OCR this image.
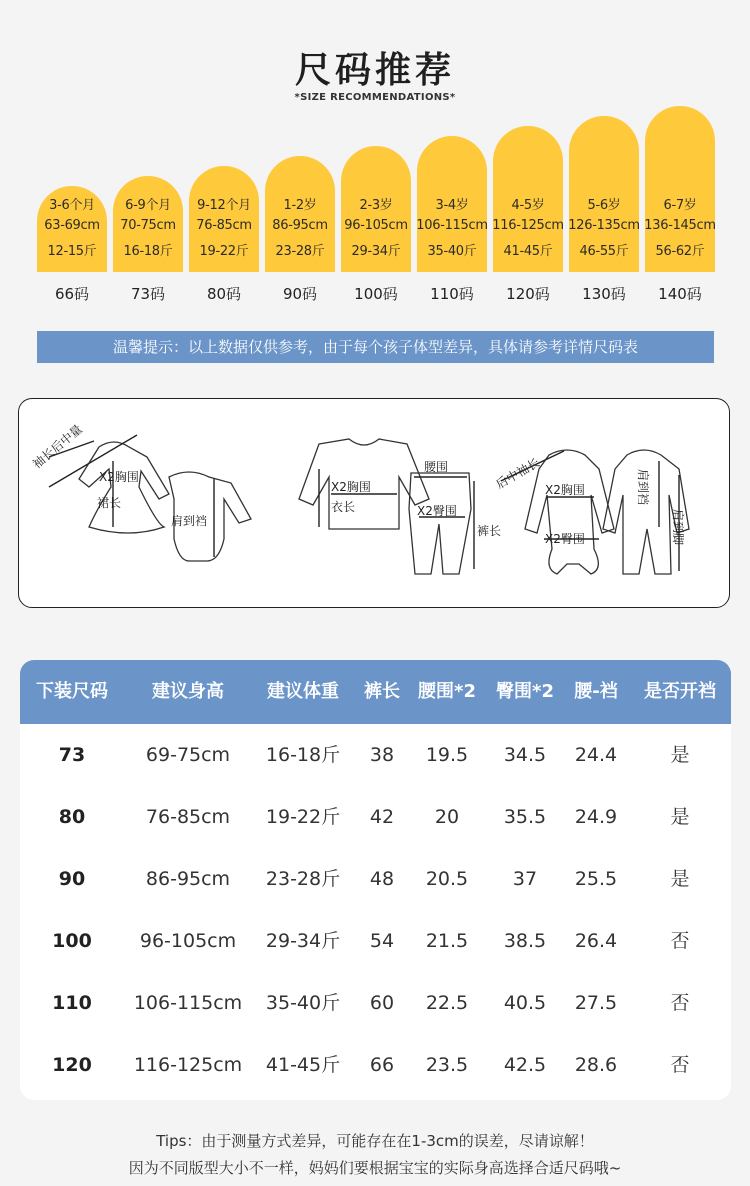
尺码推荐
*SIZE RECOMMENDATIONS*
3-6个月
63-69cm
12-15斤
66码
6-9个月
70-75cm
16-18斤
73码
9-12个月
76-85cm
19-22斤
80码
1-2岁
86-95cm
23-28斤
90码
2-3岁
96-105cm
29-34斤
100码
3-4岁
106-115cm
35-40斤
110码
4-5岁
116-125cm
41-45斤
120码
5-6岁
126-135cm
46-55斤
130码
6-7岁
136-145cm
56-62斤
140码
温馨提示：以上数据仅供参考，由于每个孩子体型差异，具体请参考详情尺码表
袖长后中量
X2胸围
裙长
肩到裆
X2胸围
衣长
腰围
X2臀围
裤长
后中袖长 X2胸围
X2臀围
肩到裆
肩到脚
下装尺码	建议身高	建议体重	裤长	腰围*2	臀围*2	腰-裆	是否开裆
73	69-75cm	16-18斤	38	19.5	34.5	24.4	是
80	76-85cm	19-22斤	42	20	35.5	24.9	是
90	86-95cm	23-28斤	48	20.5	37	25.5	是
100	96-105cm	29-34斤	54	21.5	38.5	26.4	否
110	106-115cm	35-40斤	60	22.5	40.5	27.5	否
120	116-125cm	41-45斤	66	23.5	42.5	28.6	否
Tips：由于测量方式差异，可能存在在1-3cm的误差，尽请谅解！
因为不同版型大小不一样，妈妈们要根据宝宝的实际身高选择合适尺码哦~
